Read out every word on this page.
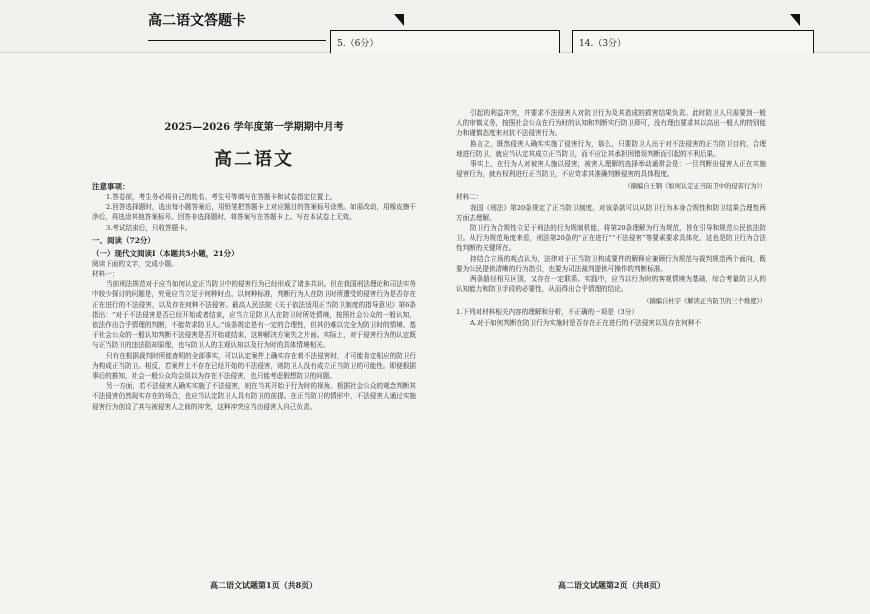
高二语文答题卡
5.（6分）	14.（3分）
2025—2026 学年度第一学期期中月考
高二语文
注意事项：
1.答卷前，考生务必将自己的姓名、考生号等填写在答题卡和试卷指定位置上。
2.回答选择题时，选出每小题答案后，用铅笔把答题卡上对应题目的答案标号涂黑。如需改动，用橡皮擦干净后，再选涂其他答案标号。回答非选择题时，将答案写在答题卡上。写在本试卷上无效。
3.考试结束后，只收答题卡。
一、阅读（72分）
（一）现代文阅读Ⅰ（本题共5小题，21分）
阅读下面的文字，完成小题。
材料一：
当前刑法规范对于应当如何认定正当防卫中的侵害行为已经形成了诸多共识。但在我国刑法理论和司法实务中较少探讨的问题是，究竟应当立足于何种时点、以何种标准，判断行为人在防卫时所遭受的侵害行为是否存在正在进行的不法侵害，以及存在何种不法侵害。最高人民法院《关于依法适用正当防卫制度的指导意见》第6条指出：“对于不法侵害是否已经开始或者结束，应当立足防卫人在防卫时所处情境，按照社会公众的一般认知，依法作出合乎情理的判断，不能苛求防卫人。”该条规定是有一定的合理性，但其仍难以完全为防卫时的情境、基于社会公众的一般认知判断不法侵害是否开始或结束，这种解决方案失之片面。实际上，对于侵害行为的认定既与正当防卫的违法阻却原理，也与防卫人的主观认知以及行为时的具体情境相关。
只有在根据裁判时所能查明的全部事实，可以认定案件上确实存在着不法侵害时，才可能肯定相应的防卫行为构成正当防卫。相反，若案件上不存在已经开始的不法侵害，则防卫人没有成立正当防卫的可能性。即便根据事后的推知，社会一般公众均会误以为存在不法侵害，也只能考虑假想防卫的问题。
另一方面，若不法侵害人确实实施了不法侵害，则在当其开始于行为时的视角、根据社会公众的观念判断其不法侵害仍然现实存在的场合，也应当认定防卫人具有防卫的前提。在正当防卫的情形中，不法侵害人通过实施侵害行为创设了其与被侵害人之间的冲突，这种冲突应当由侵害人自己负责。
引起的利益冲突，并要求不法侵害人对防卫行为及其造成的损害结果负责。此时防卫人只需要到一般人的审慎义务，按照社会公众在行为时的认知和判断实行防卫即可，没有理由要求其以高出一般人的特别能力和谨慎态度来对抗不法侵害行为。
换言之，既然侵害人确实实施了侵害行为，那么，只要防卫人出于对不法侵害的正当防卫目的，合理地进行防卫，就应当认定其成立正当防卫，而不应让其承担因错误判断而引起的不利后果。
事实上，在行为人对被害人施以侵害，被害人理解的选择举动通常会是：一旦判断出侵害人正在实施侵害行为，就有权利进行正当防卫，不应苛求其准确判断侵害的具体程度。
（摘编自王钢《如何认定正当防卫中的侵害行为》）
材料二：
我国《刑法》第20条规定了正当防卫制度。对该条款可以从防卫行为本身合规性和防卫结果合理性两方面去理解。
防卫行为合规性立足于刑法的行为规制机能，将第20条理解为行为规范，旨在引导和规范公民依法防卫。从行为规范角度来看，刑法第20条的“正在进行”“不法侵害”等要素要求具体化，这也是防卫行为合法性判断的关键所在。
持结合立场的观点认为，法律对于正当防卫构成要件的解释应兼顾行为规范与裁判规范两个面向，既要为公民提供清晰的行为指引，也要为司法裁判提供可操作的判断标准。
两条路径相互区别，又存在一定联系。实践中，应当以行为时的客观情境为基础，综合考量防卫人的认知能力和防卫手段的必要性，从而得出合乎情理的结论。
（摘编自杜宇《解读正当防卫的三个维度》）
1.下列对材料相关内容的理解和分析，不正确的一项是（3分）
A.对于如何判断在防卫行为实施时是否存在正在进行的不法侵害以及存在何种不
高二语文试题第1页（共8页）	高二语文试题第2页（共8页）
